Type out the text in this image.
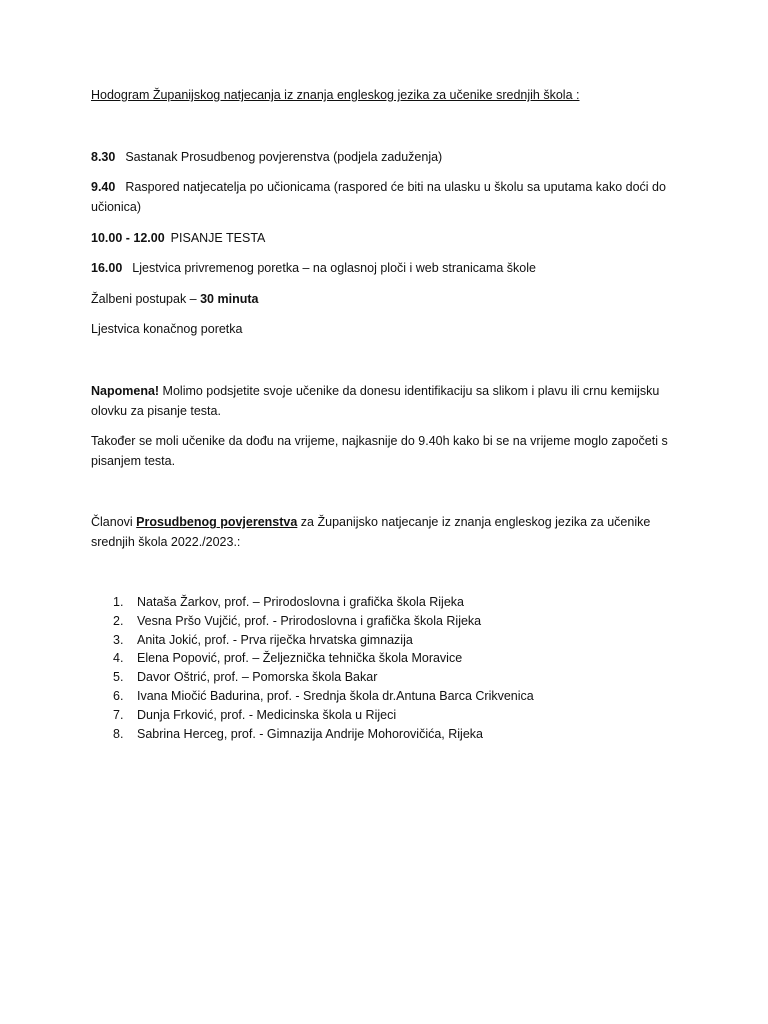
Hodogram Županijskog natjecanja iz znanja engleskog jezika za učenike srednjih škola :
8.30 Sastanak Prosudbenog povjerenstva (podjela zaduženja)
9.40 Raspored natjecatelja po učionicama (raspored će biti na ulasku u školu sa uputama kako doći do učionica)
10.00 - 12.00 PISANJE TESTA
16.00 Ljestvica privremenog poretka – na oglasnoj ploči i web stranicama škole
Žalbeni postupak – 30 minuta
Ljestvica konačnog poretka
Napomena! Molimo podsjetite svoje učenike da donesu identifikaciju sa slikom i plavu ili crnu kemijsku olovku za pisanje testa.
Također se moli učenike da dođu na vrijeme, najkasnije do 9.40h kako bi se na vrijeme moglo započeti s pisanjem testa.
Članovi Prosudbenog povjerenstva za Županijsko natjecanje iz znanja engleskog jezika za učenike srednjih škola 2022./2023.:
1. Nataša Žarkov, prof. – Prirodoslovna i grafička škola Rijeka
2. Vesna Pršo Vujčić, prof. - Prirodoslovna i grafička škola Rijeka
3. Anita Jokić, prof. - Prva riječka hrvatska gimnazija
4. Elena Popović, prof. – Željeznička tehnička škola Moravice
5. Davor Oštrić, prof. – Pomorska škola Bakar
6. Ivana Miočić Badurina, prof. - Srednja škola dr.Antuna Barca Crikvenica
7. Dunja Frković, prof. - Medicinska škola u Rijeci
8. Sabrina Herceg, prof. - Gimnazija Andrije Mohorovičića, Rijeka
